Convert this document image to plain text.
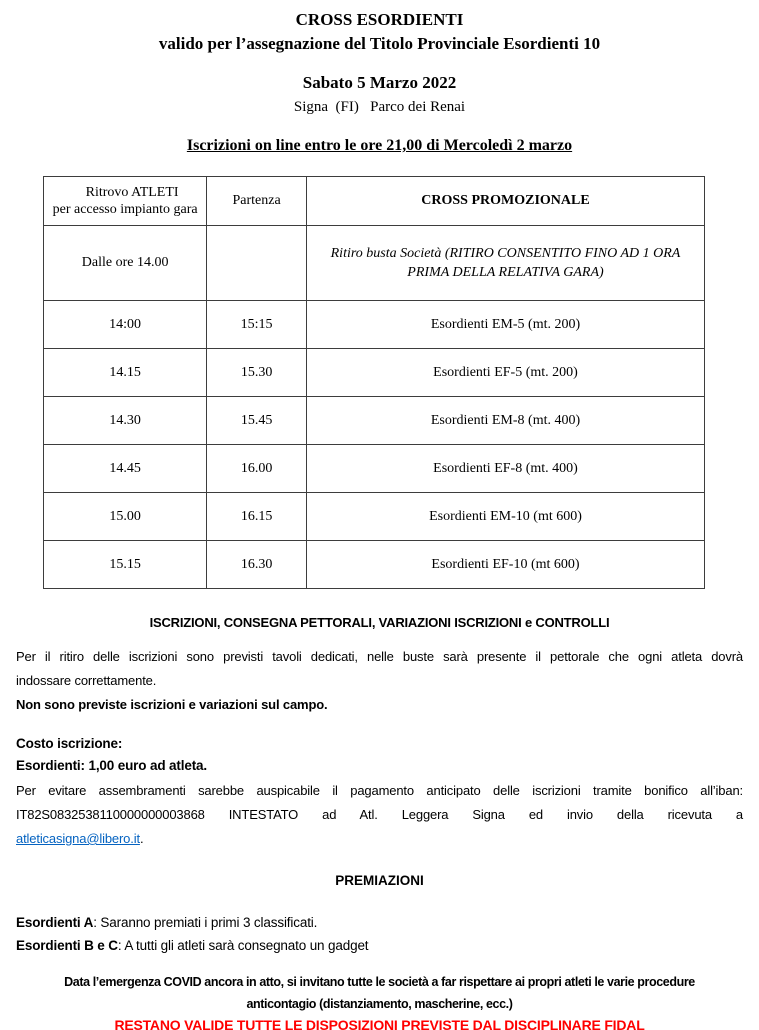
CROSS ESORDIENTI
valido per l’assegnazione del Titolo Provinciale Esordienti 10
Sabato 5 Marzo 2022
Signa  (FI)   Parco dei Renai
Iscrizioni on line entro le ore 21,00 di Mercoledì 2 marzo
Ritrovo ATLETI
per accesso impianto gara	Partenza	CROSS PROMOZIONALE
Dalle ore 14.00		Ritiro busta Società (RITIRO CONSENTITO FINO AD 1 ORA PRIMA DELLA RELATIVA GARA)
14:00	15:15	Esordienti EM-5 (mt. 200)
14.15	15.30	Esordienti EF-5 (mt. 200)
14.30	15.45	Esordienti EM-8 (mt. 400)
14.45	16.00	Esordienti EF-8 (mt. 400)
15.00	16.15	Esordienti EM-10 (mt 600)
15.15	16.30	Esordienti EF-10 (mt 600)
ISCRIZIONI, CONSEGNA PETTORALI, VARIAZIONI ISCRIZIONI e CONTROLLI
Per il ritiro delle iscrizioni sono previsti tavoli dedicati, nelle buste sarà presente il pettorale che ogni atleta dovrà
indossare correttamente.
Non sono previste iscrizioni e variazioni sul campo.
Costo iscrizione:
Esordienti: 1,00 euro ad atleta.
Per evitare assembramenti sarebbe auspicabile il pagamento anticipato delle iscrizioni tramite bonifico all’iban:
IT82S0832538110000000003868 INTESTATO ad Atl. Leggera Signa ed invio della ricevuta a
atleticasigna@libero.it.
PREMIAZIONI
Esordienti A: Saranno premiati i primi 3 classificati.
Esordienti B e C: A tutti gli atleti sarà consegnato un gadget
Data l’emergenza COVID ancora in atto, si invitano tutte le società a far rispettare ai propri atleti le varie procedure
anticontagio (distanziamento, mascherine, ecc.)
RESTANO VALIDE TUTTE LE DISPOSIZIONI PREVISTE DAL DISCIPLINARE FIDAL
